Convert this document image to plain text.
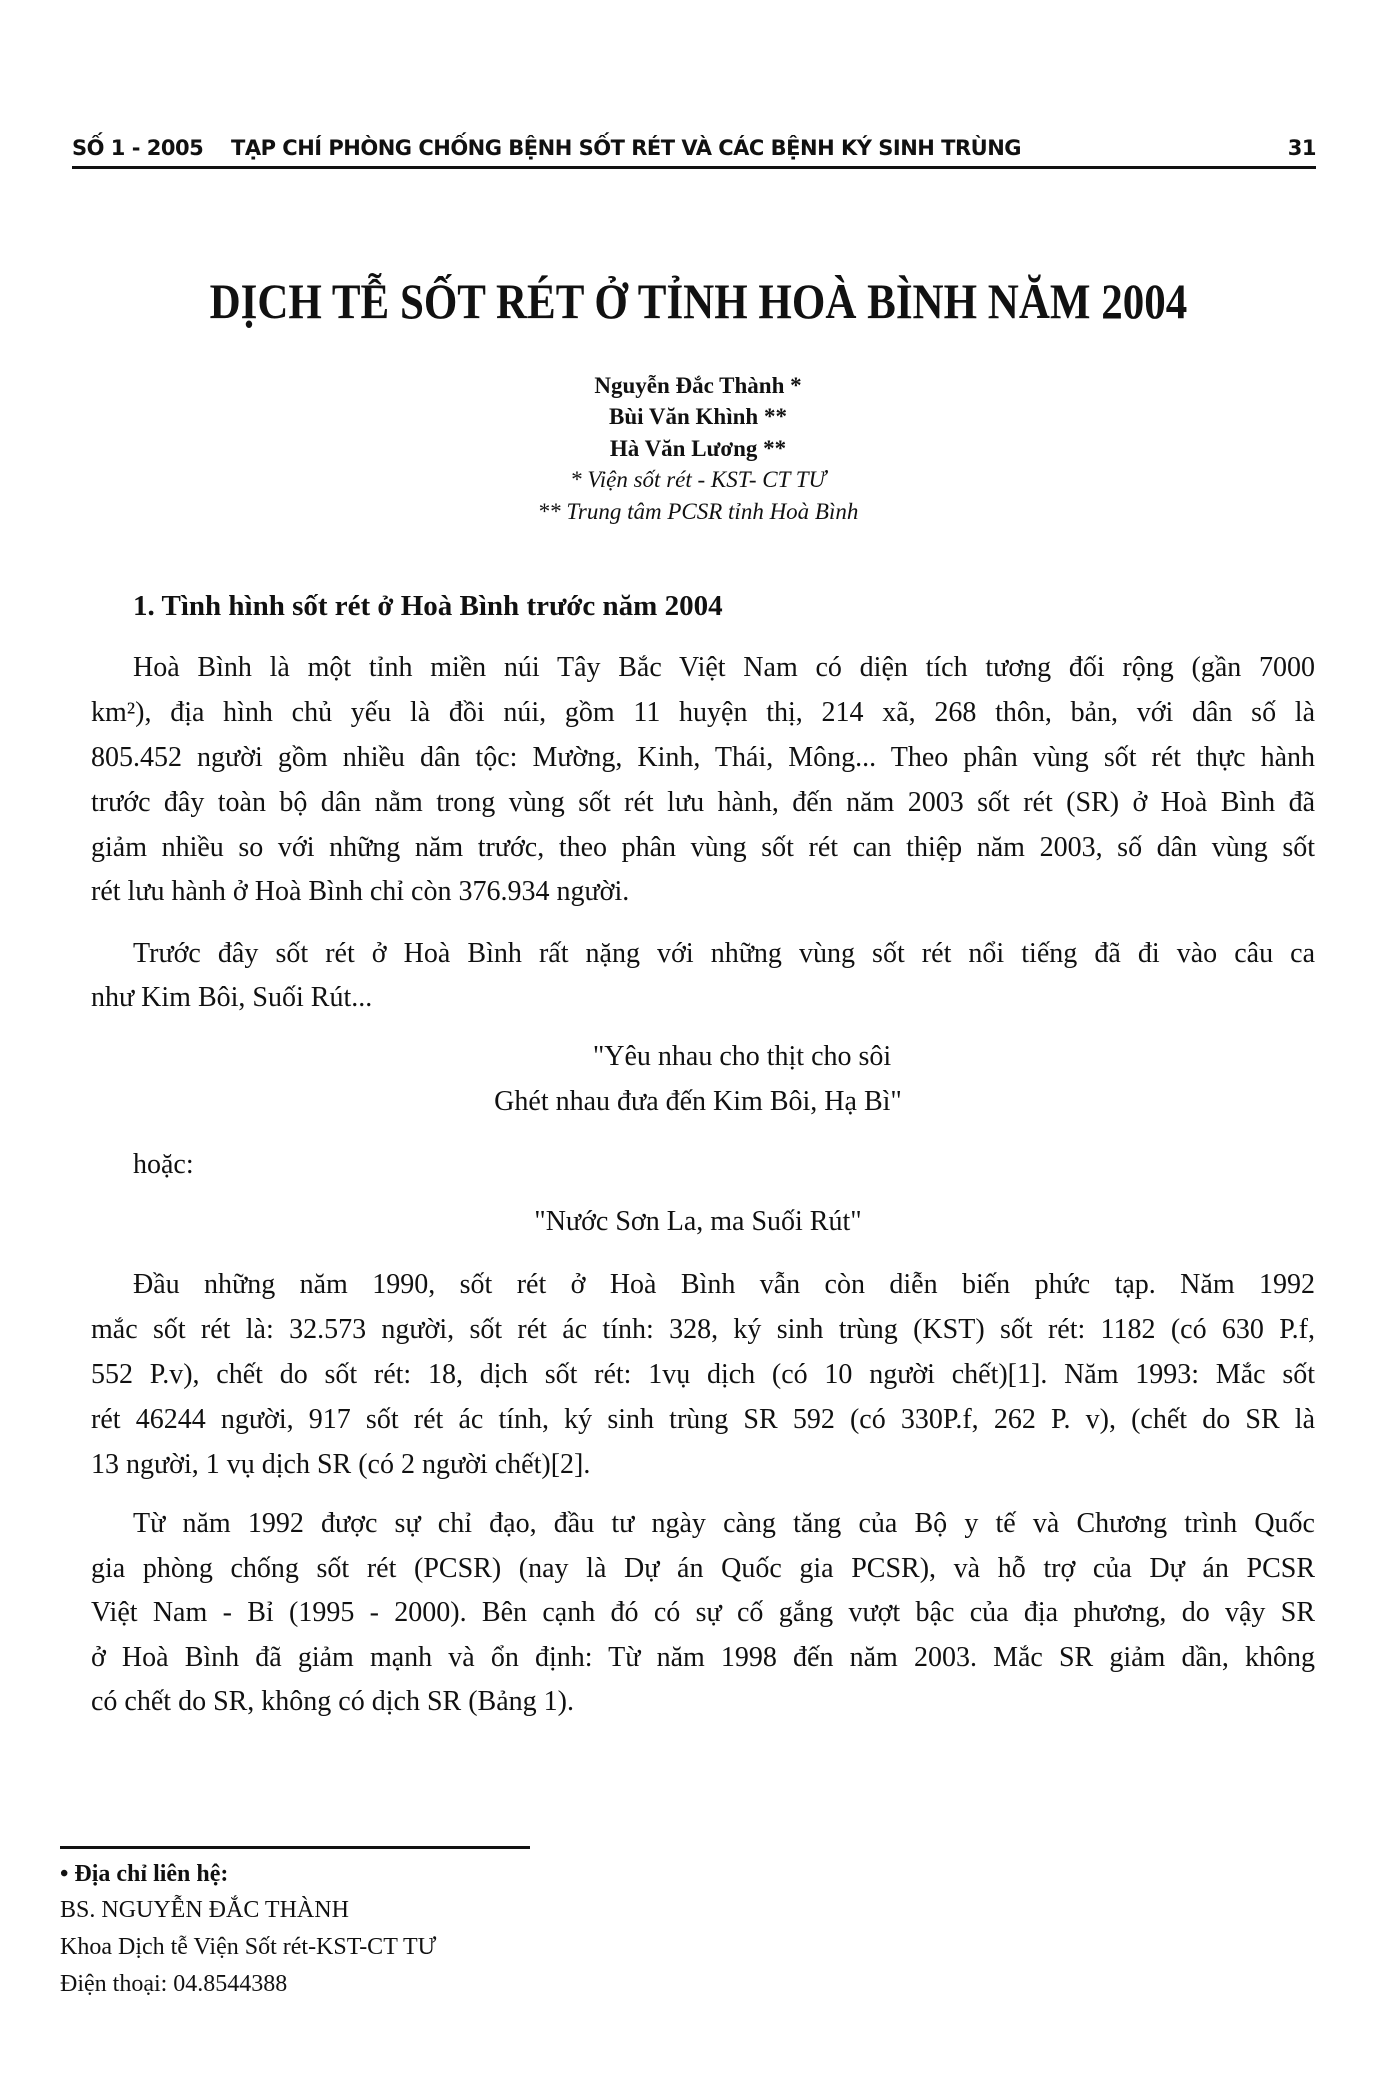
SỐ 1 - 2005 TẠP CHÍ PHÒNG CHỐNG BỆNH SỐT RÉT VÀ CÁC BỆNH KÝ SINH TRÙNG	31
DỊCH TỄ SỐT RÉT Ở TỈNH HOÀ BÌNH NĂM 2004
Nguyễn Đắc Thành *
Bùi Văn Khình **
Hà Văn Lương **
* Viện sốt rét - KST- CT TƯ
** Trung tâm PCSR tỉnh Hoà Bình
1. Tình hình sốt rét ở Hoà Bình trước năm 2004
Hoà Bình là một tỉnh miền núi Tây Bắc Việt Nam có diện tích tương đối rộng (gần 7000
km²), địa hình chủ yếu là đồi núi, gồm 11 huyện thị, 214 xã, 268 thôn, bản, với dân số là
805.452 người gồm nhiều dân tộc: Mường, Kinh, Thái, Mông... Theo phân vùng sốt rét thực hành
trước đây toàn bộ dân nằm trong vùng sốt rét lưu hành, đến năm 2003 sốt rét (SR) ở Hoà Bình đã
giảm nhiều so với những năm trước, theo phân vùng sốt rét can thiệp năm 2003, số dân vùng sốt
rét lưu hành ở Hoà Bình chỉ còn 376.934 người.
Trước đây sốt rét ở Hoà Bình rất nặng với những vùng sốt rét nổi tiếng đã đi vào câu ca
như Kim Bôi, Suối Rút...
"Yêu nhau cho thịt cho sôi
Ghét nhau đưa đến Kim Bôi, Hạ Bì"
hoặc:
"Nước Sơn La, ma Suối Rút"
Đầu những năm 1990, sốt rét ở Hoà Bình vẫn còn diễn biến phức tạp. Năm 1992
mắc sốt rét là: 32.573 người, sốt rét ác tính: 328, ký sinh trùng (KST) sốt rét: 1182 (có 630 P.f,
552 P.v), chết do sốt rét: 18, dịch sốt rét: 1vụ dịch (có 10 người chết)[1]. Năm 1993: Mắc sốt
rét 46244 người, 917 sốt rét ác tính, ký sinh trùng SR 592 (có 330P.f, 262 P. v), (chết do SR là
13 người, 1 vụ dịch SR (có 2 người chết)[2].
Từ năm 1992 được sự chỉ đạo, đầu tư ngày càng tăng của Bộ y tế và Chương trình Quốc
gia phòng chống sốt rét (PCSR) (nay là Dự án Quốc gia PCSR), và hỗ trợ của Dự án PCSR
Việt Nam - Bỉ (1995 - 2000). Bên cạnh đó có sự cố gắng vượt bậc của địa phương, do vậy SR
ở Hoà Bình đã giảm mạnh và ổn định: Từ năm 1998 đến năm 2003. Mắc SR giảm dần, không
có chết do SR, không có dịch SR (Bảng 1).
• Địa chỉ liên hệ:
BS. NGUYỄN ĐẮC THÀNH
Khoa Dịch tễ Viện Sốt rét-KST-CT TƯ
Điện thoại: 04.8544388
